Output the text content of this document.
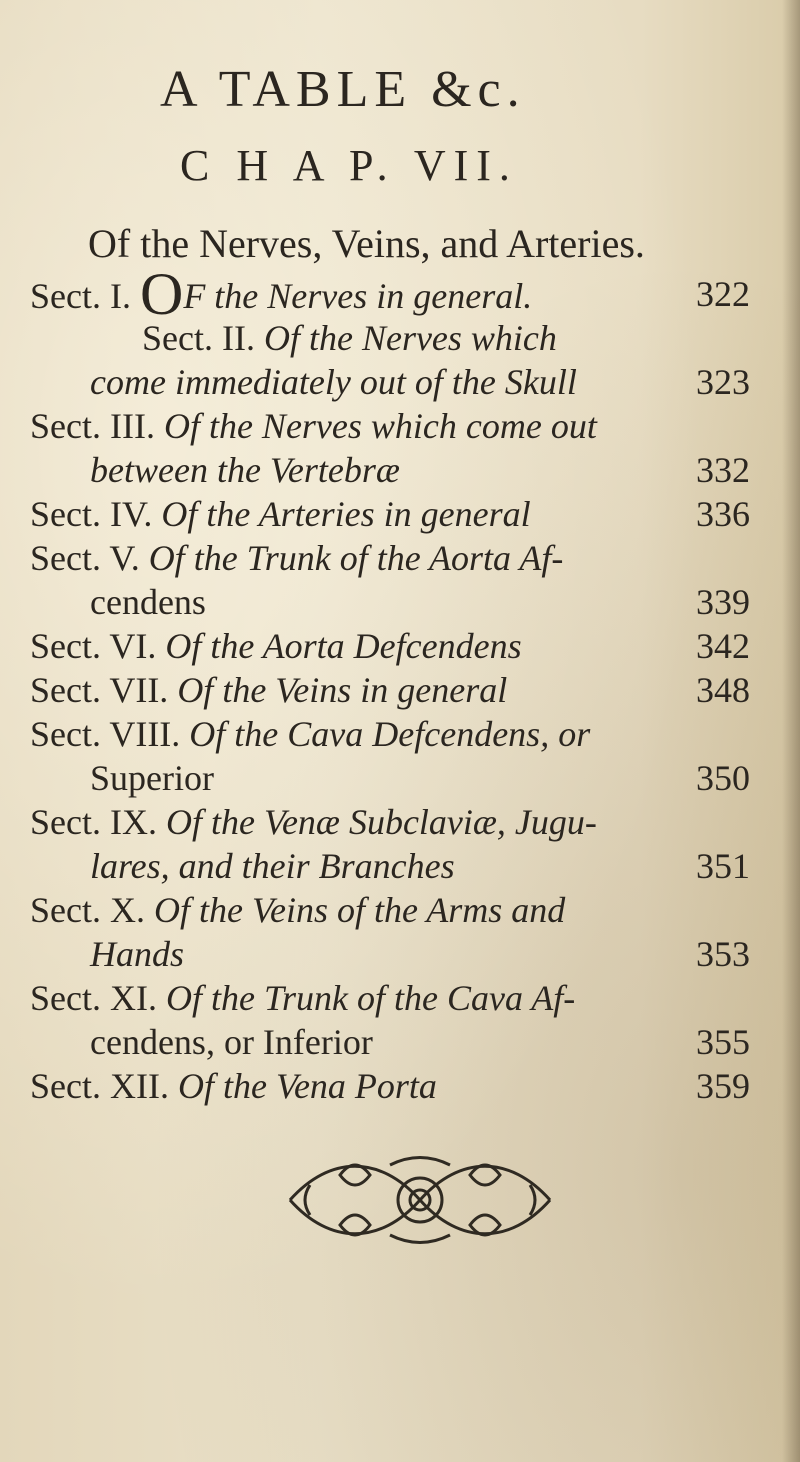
A TABLE &c.
C H A P. VII.
Of the Nerves, Veins, and Arteries.
Sect. I. OF the Nerves in general.	322
Sect. II. Of the Nerves which
come immediately out of the Skull	323
Sect. III. Of the Nerves which come out
between the Vertebræ	332
Sect. IV. Of the Arteries in general	336
Sect. V. Of the Trunk of the Aorta Af-
cendens	339
Sect. VI. Of the Aorta Defcendens	342
Sect. VII. Of the Veins in general	348
Sect. VIII. Of the Cava Defcendens, or
Superior	350
Sect. IX. Of the Venæ Subclaviæ, Jugu-
lares, and their Branches	351
Sect. X. Of the Veins of the Arms and
Hands	353
Sect. XI. Of the Trunk of the Cava Af-
cendens, or Inferior	355
Sect. XII. Of the Vena Porta	359
